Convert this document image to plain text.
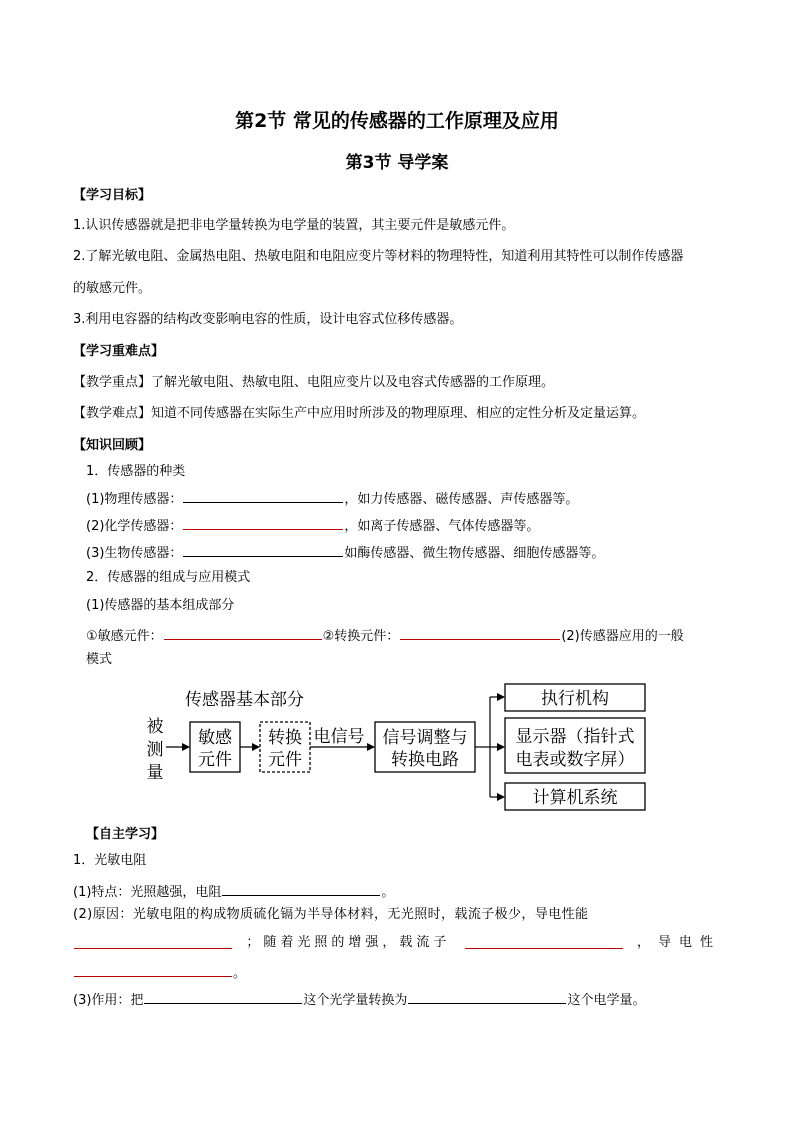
第2节 常见的传感器的工作原理及应用
第3节 导学案
【学习目标】
1.认识传感器就是把非电学量转换为电学量的装置，其主要元件是敏感元件。
2.了解光敏电阻、金属热电阻、热敏电阻和电阻应变片等材料的物理特性，知道利用其特性可以制作传感器
的敏感元件。
3.利用电容器的结构改变影响电容的性质，设计电容式位移传感器。
【学习重难点】
【教学重点】了解光敏电阻、热敏电阻、电阻应变片以及电容式传感器的工作原理。
【教学难点】知道不同传感器在实际生产中应用时所涉及的物理原理、相应的定性分析及定量运算。
【知识回顾】
1．传感器的种类
(1)物理传感器：	，如力传感器、磁传感器、声传感器等。
(2)化学传感器：	，如离子传感器、气体传感器等。
(3)生物传感器：	如酶传感器、微生物传感器、细胞传感器等。
2．传感器的组成与应用模式
(1)传感器的基本组成部分
①敏感元件：	②转换元件：	(2)传感器应用的一般
模式
传感器基本部分
被
测
量
敏感
元件
转换
元件
电信号 信号调整与
转换电路
执行机构
显示器（指针式
电表或数字屏）
计算机系统
【自主学习】
1．光敏电阻
(1)特点：光照越强，电阻	。
(2)原因：光敏电阻的构成物质硫化镉为半导体材料，无光照时，载流子极少，导电性能
；随着光照的增强，载流子	，导电性
。
(3)作用：把	这个光学量转换为	这个电学量。
